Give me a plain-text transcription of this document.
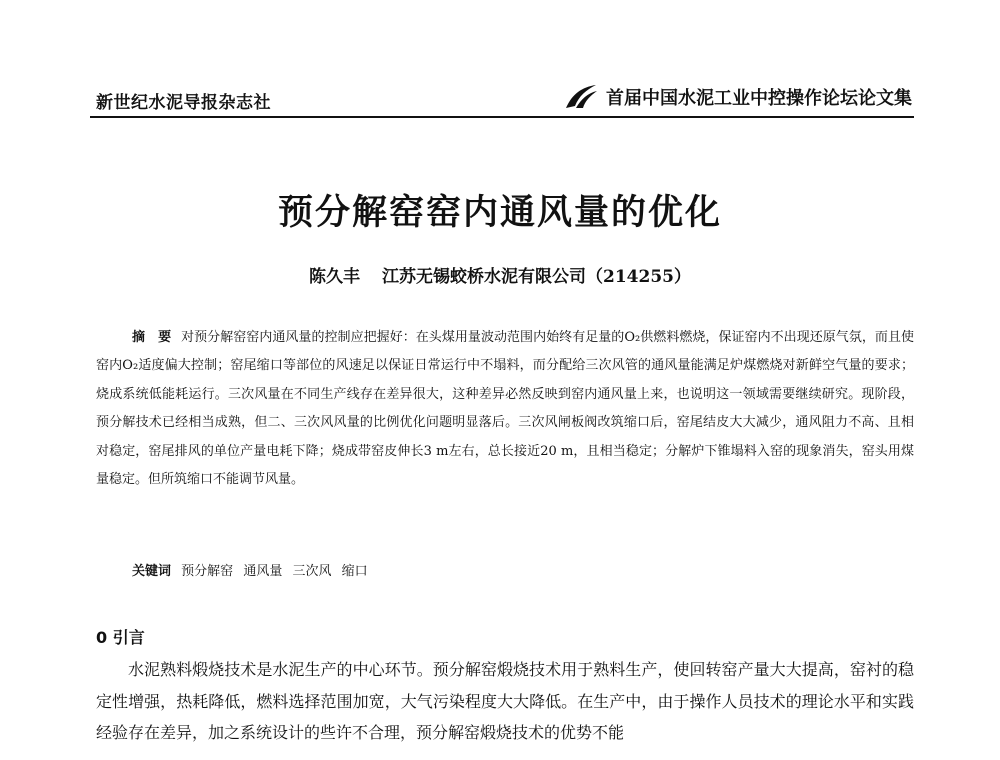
新世纪水泥导报杂志社	首届中国水泥工业中控操作论坛论文集
预分解窑窑内通风量的优化
陈久丰 江苏无锡蛟桥水泥有限公司（214255）
摘　要 对预分解窑窑内通风量的控制应把握好：在头煤用量波动范围内始终有足量的O₂供燃料燃烧，保证窑内不出现还原气氛，而且使窑内O₂适度偏大控制；窑尾缩口等部位的风速足以保证日常运行中不塌料，而分配给三次风管的通风量能满足炉煤燃烧对新鲜空气量的要求；烧成系统低能耗运行。三次风量在不同生产线存在差异很大，这种差异必然反映到窑内通风量上来，也说明这一领域需要继续研究。现阶段，预分解技术已经相当成熟，但二、三次风风量的比例优化问题明显落后。三次风闸板阀改筑缩口后，窑尾结皮大大减少，通风阻力不高、且相对稳定，窑尾排风的单位产量电耗下降；烧成带窑皮伸长3 m左右，总长接近20 m，且相当稳定；分解炉下锥塌料入窑的现象消失，窑头用煤量稳定。但所筑缩口不能调节风量。
关键词 预分解窑 通风量 三次风 缩口
0 引言
水泥熟料煅烧技术是水泥生产的中心环节。预分解窑煅烧技术用于熟料生产，使回转窑产量大大提高，窑衬的稳定性增强，热耗降低，燃料选择范围加宽，大气污染程度大大降低。在生产中，由于操作人员技术的理论水平和实践经验存在差异，加之系统设计的些许不合理，预分解窑煅烧技术的优势不能
